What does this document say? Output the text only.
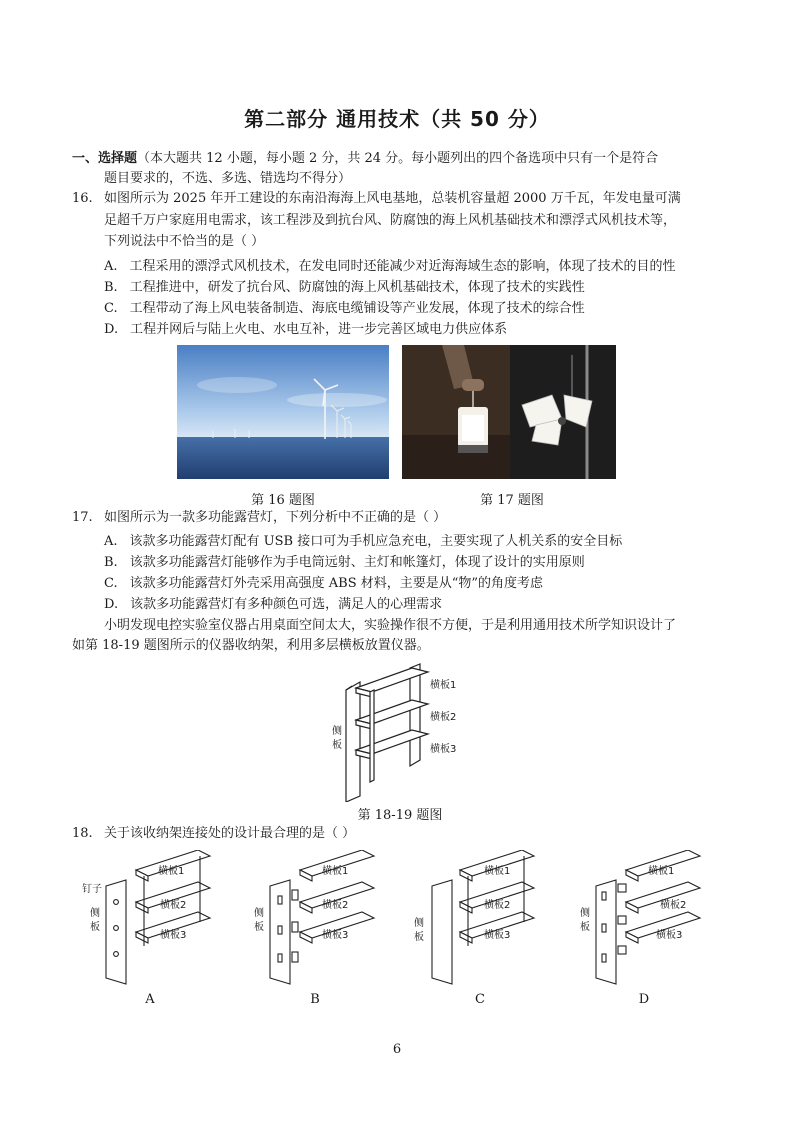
第二部分 通用技术（共 50 分）
一、选择题（本大题共 12 小题，每小题 2 分，共 24 分。每小题列出的四个备选项中只有一个是符合
题目要求的，不选、多选、错选均不得分）
16. 如图所示为 2025 年开工建设的东南沿海海上风电基地，总装机容量超 2000 万千瓦，年发电量可满
足超千万户家庭用电需求，该工程涉及到抗台风、防腐蚀的海上风机基础技术和漂浮式风机技术等，
下列说法中不恰当的是（ ）
A. 工程采用的漂浮式风机技术，在发电同时还能减少对近海海域生态的影响，体现了技术的目的性
B. 工程推进中，研发了抗台风、防腐蚀的海上风机基础技术，体现了技术的实践性
C. 工程带动了海上风电装备制造、海底电缆铺设等产业发展，体现了技术的综合性
D. 工程并网后与陆上火电、水电互补，进一步完善区域电力供应体系
第 16 题图	第 17 题图
17. 如图所示为一款多功能露营灯，下列分析中不正确的是（ ）
A. 该款多功能露营灯配有 USB 接口可为手机应急充电，主要实现了人机关系的安全目标
B. 该款多功能露营灯能够作为手电筒远射、主灯和帐篷灯，体现了设计的实用原则
C. 该款多功能露营灯外壳采用高强度 ABS 材料，主要是从“物”的角度考虑
D. 该款多功能露营灯有多种颜色可选，满足人的心理需求
小明发现电控实验室仪器占用桌面空间太大，实验操作很不方便，于是利用通用技术所学知识设计了
如第 18-19 题图所示的仪器收纳架，利用多层横板放置仪器。
横板1
横板2
横板3
侧
板
第 18-19 题图
18. 关于该收纳架连接处的设计最合理的是（ ）
钉子
侧
板
横板1
横板2
横板3
侧
板
横板1
横板2
横板3
侧
板
横板1
横板2
横板3
侧
板
横板1
横板2
横板3
A	B	C	D
6
